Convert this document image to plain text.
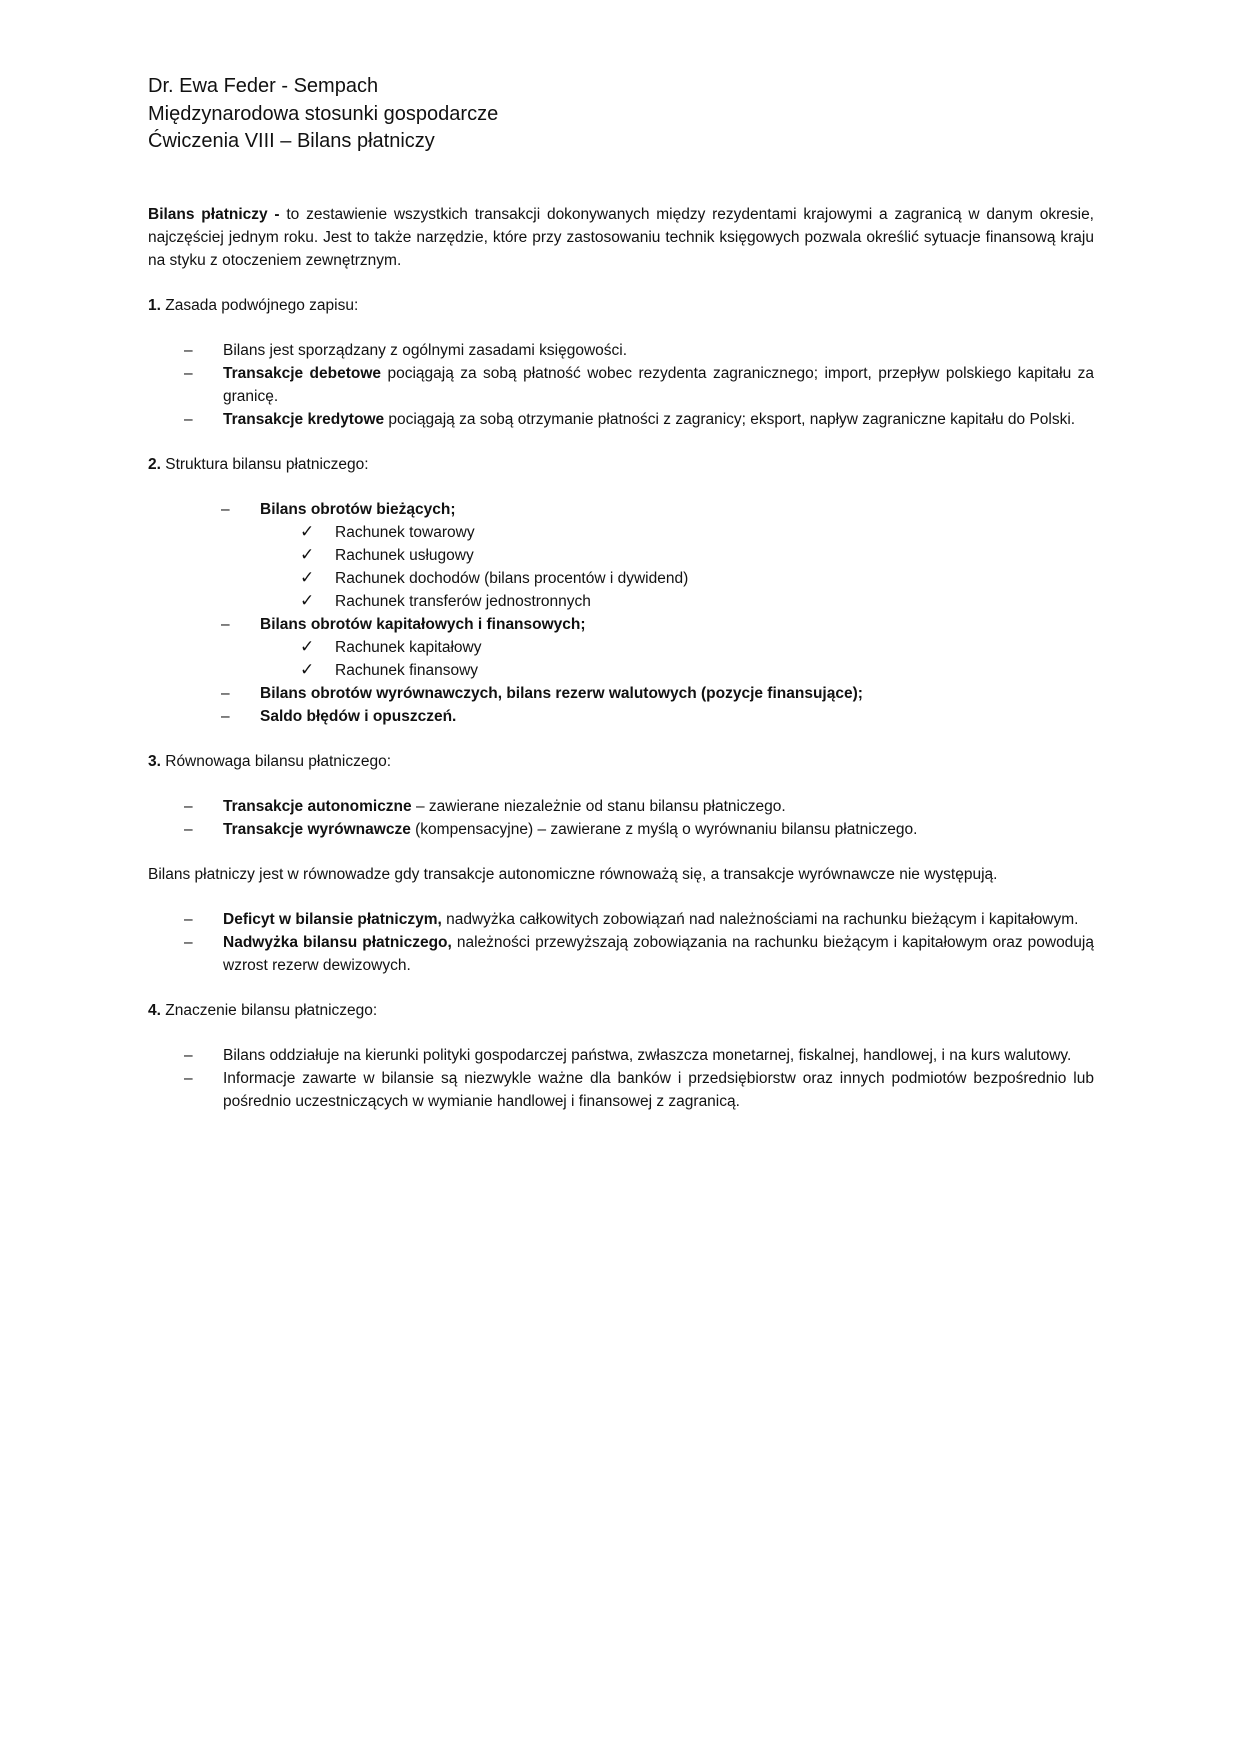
Dr. Ewa Feder - Sempach
Międzynarodowa stosunki gospodarcze
Ćwiczenia VIII – Bilans płatniczy

Bilans płatniczy - to zestawienie wszystkich transakcji dokonywanych między rezydentami krajowymi a zagranicą w danym okresie, najczęściej jednym roku. Jest to także narzędzie, które przy zastosowaniu technik księgowych pozwala określić sytuacje finansową kraju na styku z otoczeniem zewnętrznym.

1. Zasada podwójnego zapisu:

– Bilans jest sporządzany z ogólnymi zasadami księgowości.
– Transakcje debetowe pociągają za sobą płatność wobec rezydenta zagranicznego; import, przepływ polskiego kapitału za granicę.
– Transakcje kredytowe pociągają za sobą otrzymanie płatności z zagranicy; eksport, napływ zagraniczne kapitału do Polski.

2. Struktura bilansu płatniczego:

– Bilans obrotów bieżących;
✓ Rachunek towarowy
✓ Rachunek usługowy
✓ Rachunek dochodów (bilans procentów i dywidend)
✓ Rachunek transferów jednostronnych
– Bilans obrotów kapitałowych i finansowych;
✓ Rachunek kapitałowy
✓ Rachunek finansowy
– Bilans obrotów wyrównawczych, bilans rezerw walutowych (pozycje finansujące);
– Saldo błędów i opuszczeń.

3. Równowaga bilansu płatniczego:

– Transakcje autonomiczne – zawierane niezależnie od stanu bilansu płatniczego.
– Transakcje wyrównawcze (kompensacyjne) – zawierane z myślą o wyrównaniu bilansu płatniczego.

Bilans płatniczy jest w równowadze gdy transakcje autonomiczne równoważą się, a transakcje wyrównawcze nie występują.

– Deficyt w bilansie płatniczym, nadwyżka całkowitych zobowiązań nad należnościami na rachunku bieżącym i kapitałowym.
– Nadwyżka bilansu płatniczego, należności przewyższają zobowiązania na rachunku bieżącym i kapitałowym oraz powodują wzrost rezerw dewizowych.

4. Znaczenie bilansu płatniczego:

– Bilans oddziałuje na kierunki polityki gospodarczej państwa, zwłaszcza monetarnej, fiskalnej, handlowej, i na kurs walutowy.
– Informacje zawarte w bilansie są niezwykle ważne dla banków i przedsiębiorstw oraz innych podmiotów bezpośrednio lub pośrednio uczestniczących w wymianie handlowej i finansowej z zagranicą.
